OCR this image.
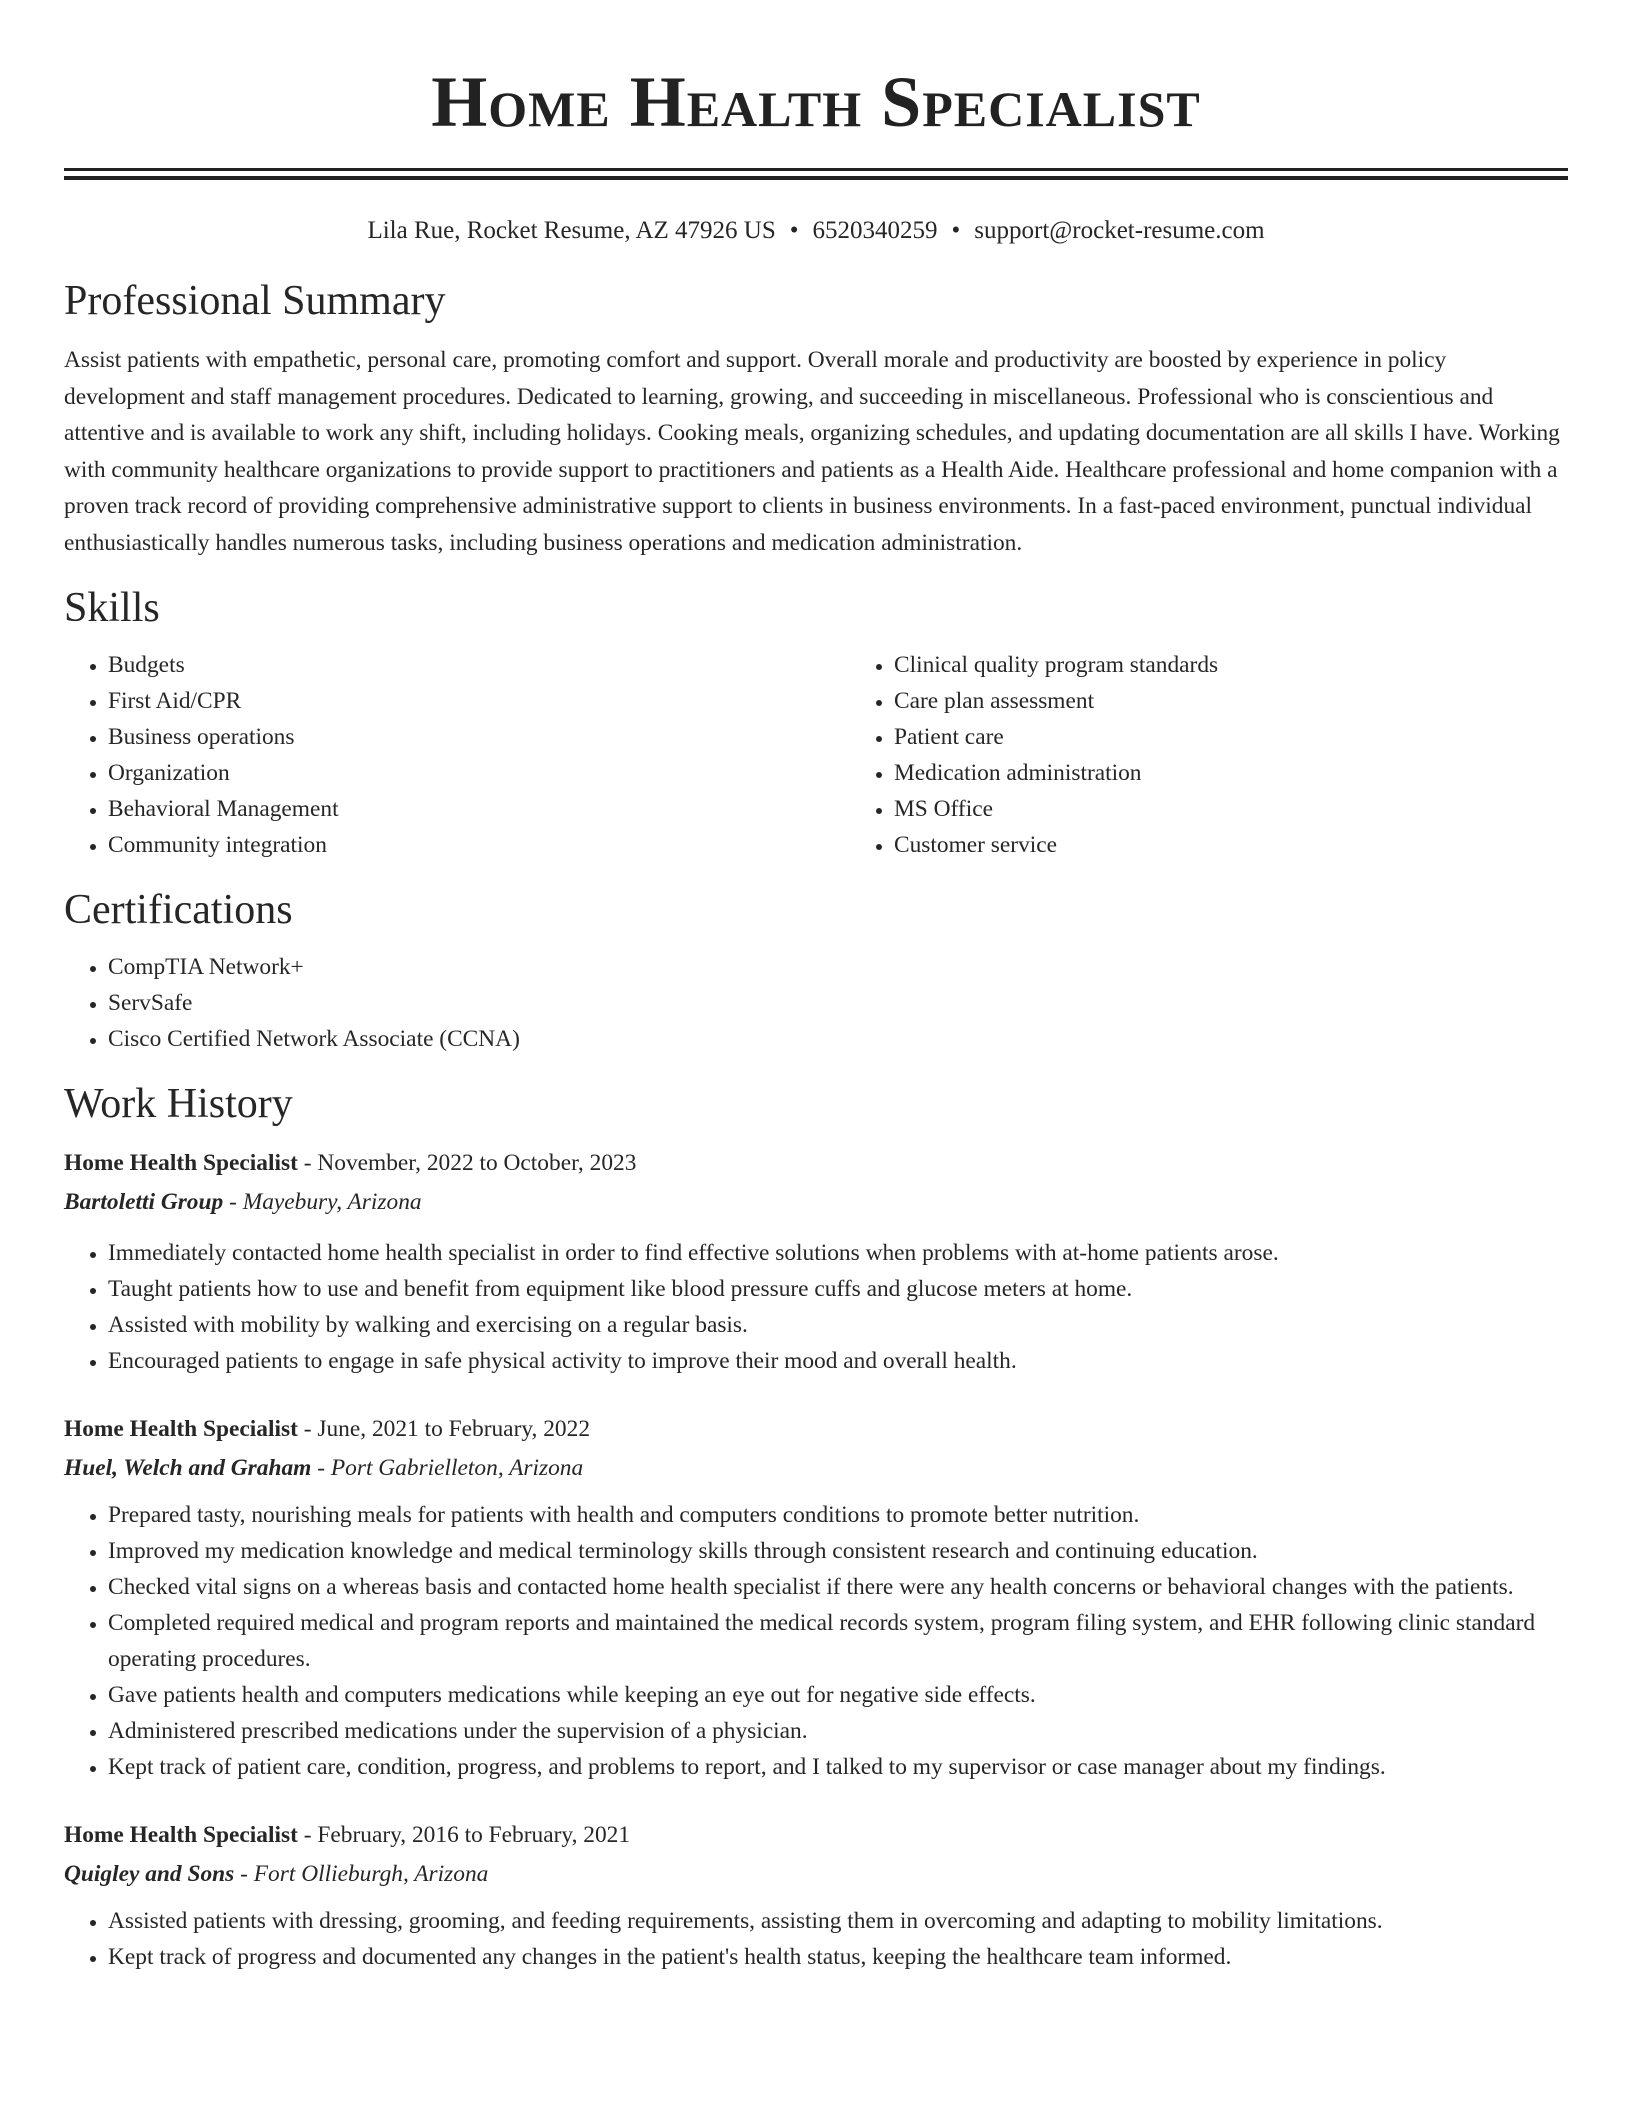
Home Health Specialist
Lila Rue, Rocket Resume, AZ 47926 US • 6520340259 • support@rocket-resume.com
Professional Summary

Assist patients with empathetic, personal care, promoting comfort and support. Overall morale and productivity are boosted by experience in policy development and staff management procedures. Dedicated to learning, growing, and succeeding in miscellaneous. Professional who is conscientious and attentive and is available to work any shift, including holidays. Cooking meals, organizing schedules, and updating documentation are all skills I have. Working with community healthcare organizations to provide support to practitioners and patients as a Health Aide. Healthcare professional and home companion with a proven track record of providing comprehensive administrative support to clients in business environments. In a fast-paced environment, punctual individual enthusiastically handles numerous tasks, including business operations and medication administration.

Skills
• Budgets
• First Aid/CPR
• Business operations
• Organization
• Behavioral Management
• Community integration
• Clinical quality program standards
• Care plan assessment
• Patient care
• Medication administration
• MS Office
• Customer service
Certifications
• CompTIA Network+
• ServSafe
• Cisco Certified Network Associate (CCNA)
Work History
Home Health Specialist - November, 2022 to October, 2023
Bartoletti Group - Mayebury, Arizona
• Immediately contacted home health specialist in order to find effective solutions when problems with at-home patients arose.
• Taught patients how to use and benefit from equipment like blood pressure cuffs and glucose meters at home.
• Assisted with mobility by walking and exercising on a regular basis.
• Encouraged patients to engage in safe physical activity to improve their mood and overall health.
Home Health Specialist - June, 2021 to February, 2022
Huel, Welch and Graham - Port Gabrielleton, Arizona
• Prepared tasty, nourishing meals for patients with health and computers conditions to promote better nutrition.
• Improved my medication knowledge and medical terminology skills through consistent research and continuing education.
• Checked vital signs on a whereas basis and contacted home health specialist if there were any health concerns or behavioral changes with the patients.
• Completed required medical and program reports and maintained the medical records system, program filing system, and EHR following clinic standard operating procedures.
• Gave patients health and computers medications while keeping an eye out for negative side effects.
• Administered prescribed medications under the supervision of a physician.
• Kept track of patient care, condition, progress, and problems to report, and I talked to my supervisor or case manager about my findings.
Home Health Specialist - February, 2016 to February, 2021
Quigley and Sons - Fort Ollieburgh, Arizona
• Assisted patients with dressing, grooming, and feeding requirements, assisting them in overcoming and adapting to mobility limitations.
• Kept track of progress and documented any changes in the patient's health status, keeping the healthcare team informed.
